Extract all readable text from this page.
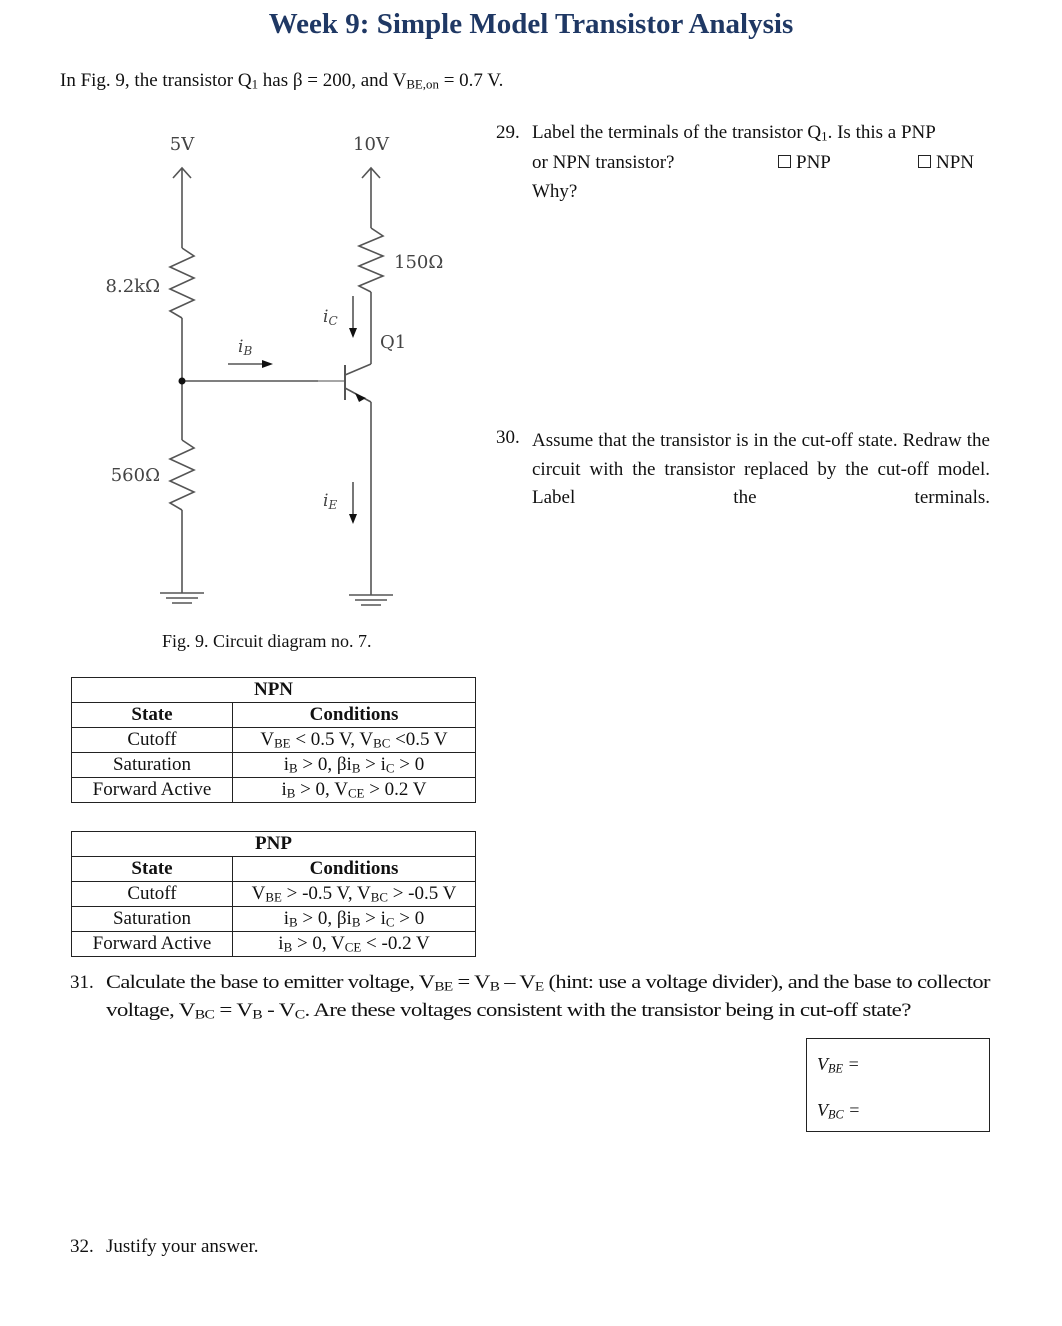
Week 9: Simple Model Transistor Analysis
In Fig. 9, the transistor $Q_1$ has β = 200, and $V_{BE,on} = 0.7$ V.
5V	10V
8.2kΩ
560Ω
150Ω
Q1
iB
iC
iE
Fig. 9. Circuit diagram no. 7.
29. Label the terminals of the transistor $Q_1$. Is this a PNP
or NPN transistor?	PNP	NPN
Why?
30. Assume that the transistor is in the cut-off state. Redraw the circuit with the transistor replaced by the cut-off model. Label the terminals.
NPN	
State	Conditions
Cutoff	$V_{BE} < 0.5$ V, $V_{BC} <0.5$ V
Saturation	$i_B > 0$, $\beta i_B > i_C > 0$
Forward Active	$i_B > 0$, $V_{CE} > 0.2$ V
PNP	
State	Conditions
Cutoff	$V_{BE} > -0.5$ V, $V_{BC} > -0.5$ V
Saturation	$i_B > 0$, $\beta i_B > i_C > 0$
Forward Active	$i_B > 0$, $V_{CE} < -0.2$ V
31. Calculate the base to emitter voltage, $V_{BE} = V_B - V_E$ (hint: use a voltage divider), and the base to collector
voltage, $V_{BC} = V_B - V_C$. Are these voltages consistent with the transistor being in cut-off state?
$V_{BE}$ =
$V_{BC}$ =
32. Justify your answer.
